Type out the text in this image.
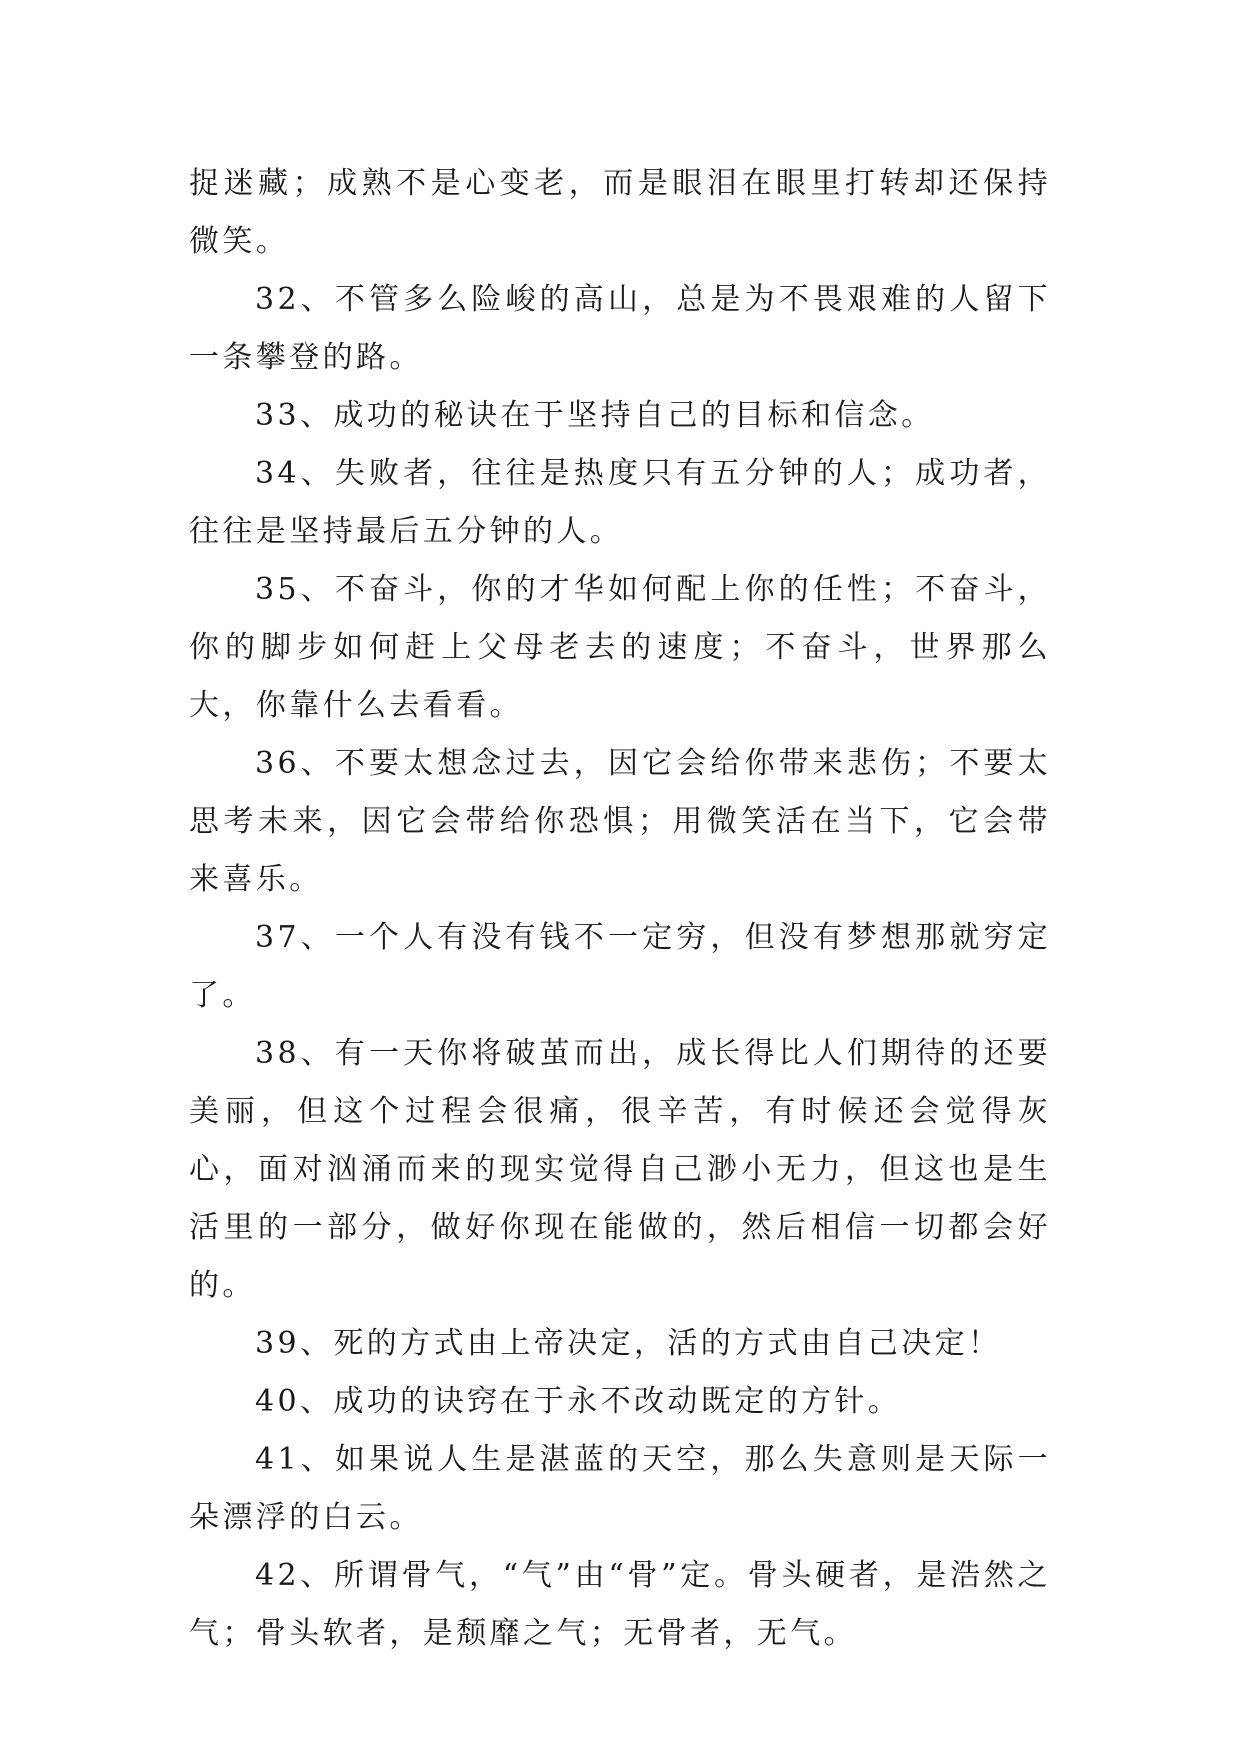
捉迷藏；成熟不是心变老，而是眼泪在眼里打转却还保持微笑。

32、不管多么险峻的高山，总是为不畏艰难的人留下一条攀登的路。

33、成功的秘诀在于坚持自己的目标和信念。

34、失败者，往往是热度只有五分钟的人；成功者，往往是坚持最后五分钟的人。

35、不奋斗，你的才华如何配上你的任性；不奋斗，你的脚步如何赶上父母老去的速度；不奋斗，世界那么大，你靠什么去看看。

36、不要太想念过去，因它会给你带来悲伤；不要太思考未来，因它会带给你恐惧；用微笑活在当下，它会带来喜乐。

37、一个人有没有钱不一定穷，但没有梦想那就穷定了。

38、有一天你将破茧而出，成长得比人们期待的还要美丽，但这个过程会很痛，很辛苦，有时候还会觉得灰心，面对汹涌而来的现实觉得自己渺小无力，但这也是生活里的一部分，做好你现在能做的，然后相信一切都会好的。

39、死的方式由上帝决定，活的方式由自己决定！

40、成功的诀窍在于永不改动既定的方针。

41、如果说人生是湛蓝的天空，那么失意则是天际一朵漂浮的白云。

42、所谓骨气，“气”由“骨”定。骨头硬者，是浩然之气；骨头软者，是颓靡之气；无骨者，无气。
